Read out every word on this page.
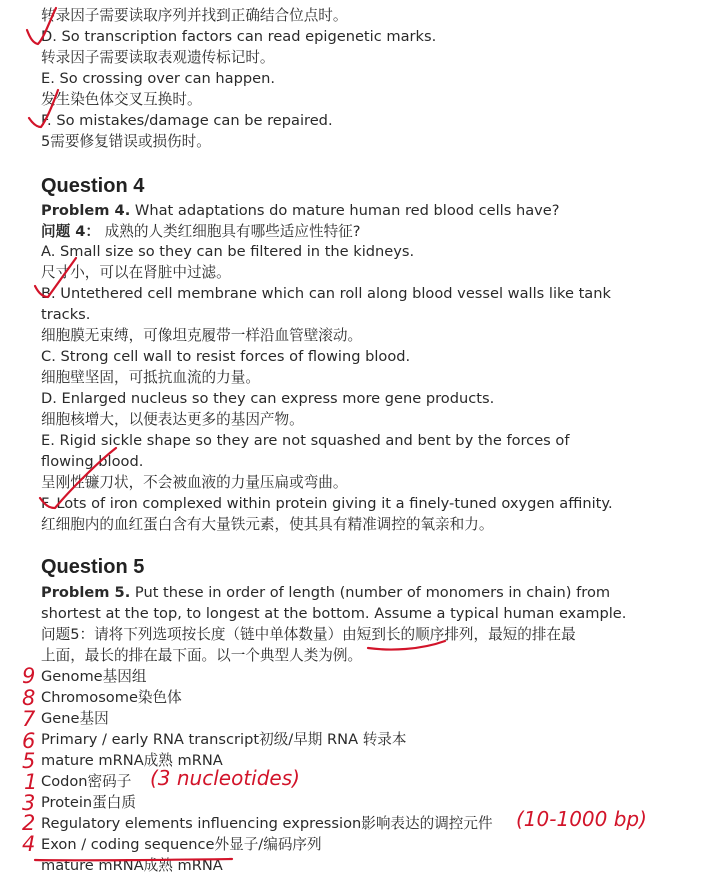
转录因子需要读取序列并找到正确结合位点时。
D. So transcription factors can read epigenetic marks.
转录因子需要读取表观遗传标记时。
E. So crossing over can happen.
发生染色体交叉互换时。
F. So mistakes/damage can be repaired.
5需要修复错误或损伤时。
Question 4
Problem 4. What adaptations do mature human red blood cells have?
问题 4： 成熟的人类红细胞具有哪些适应性特征?
A. Small size so they can be filtered in the kidneys.
尺寸小，可以在肾脏中过滤。
B. Untethered cell membrane which can roll along blood vessel walls like tank
tracks.
细胞膜无束缚，可像坦克履带一样沿血管壁滚动。
C. Strong cell wall to resist forces of flowing blood.
细胞壁坚固，可抵抗血流的力量。
D. Enlarged nucleus so they can express more gene products.
细胞核增大，以便表达更多的基因产物。
E. Rigid sickle shape so they are not squashed and bent by the forces of
flowing blood.
呈刚性镰刀状，不会被血液的力量压扁或弯曲。
F. Lots of iron complexed within protein giving it a finely-tuned oxygen affinity.
红细胞内的血红蛋白含有大量铁元素，使其具有精准调控的氧亲和力。
Question 5
Problem 5. Put these in order of length (number of monomers in chain) from
shortest at the top, to longest at the bottom. Assume a typical human example.
问题5：请将下列选项按长度（链中单体数量）由短到长的顺序排列，最短的排在最
上面，最长的排在最下面。以一个典型人类为例。
Genome基因组
Chromosome染色体
Gene基因
Primary / early RNA transcript初级/早期 RNA 转录本
mature mRNA成熟 mRNA
Codon密码子
Protein蛋白质
Regulatory elements influencing expression影响表达的调控元件
Exon / coding sequence外显子/编码序列
mature mRNA成熟 mRNA
9
8
7
6
5
1
3
2
4
(3 nucleotides)
(10-1000 bp)
